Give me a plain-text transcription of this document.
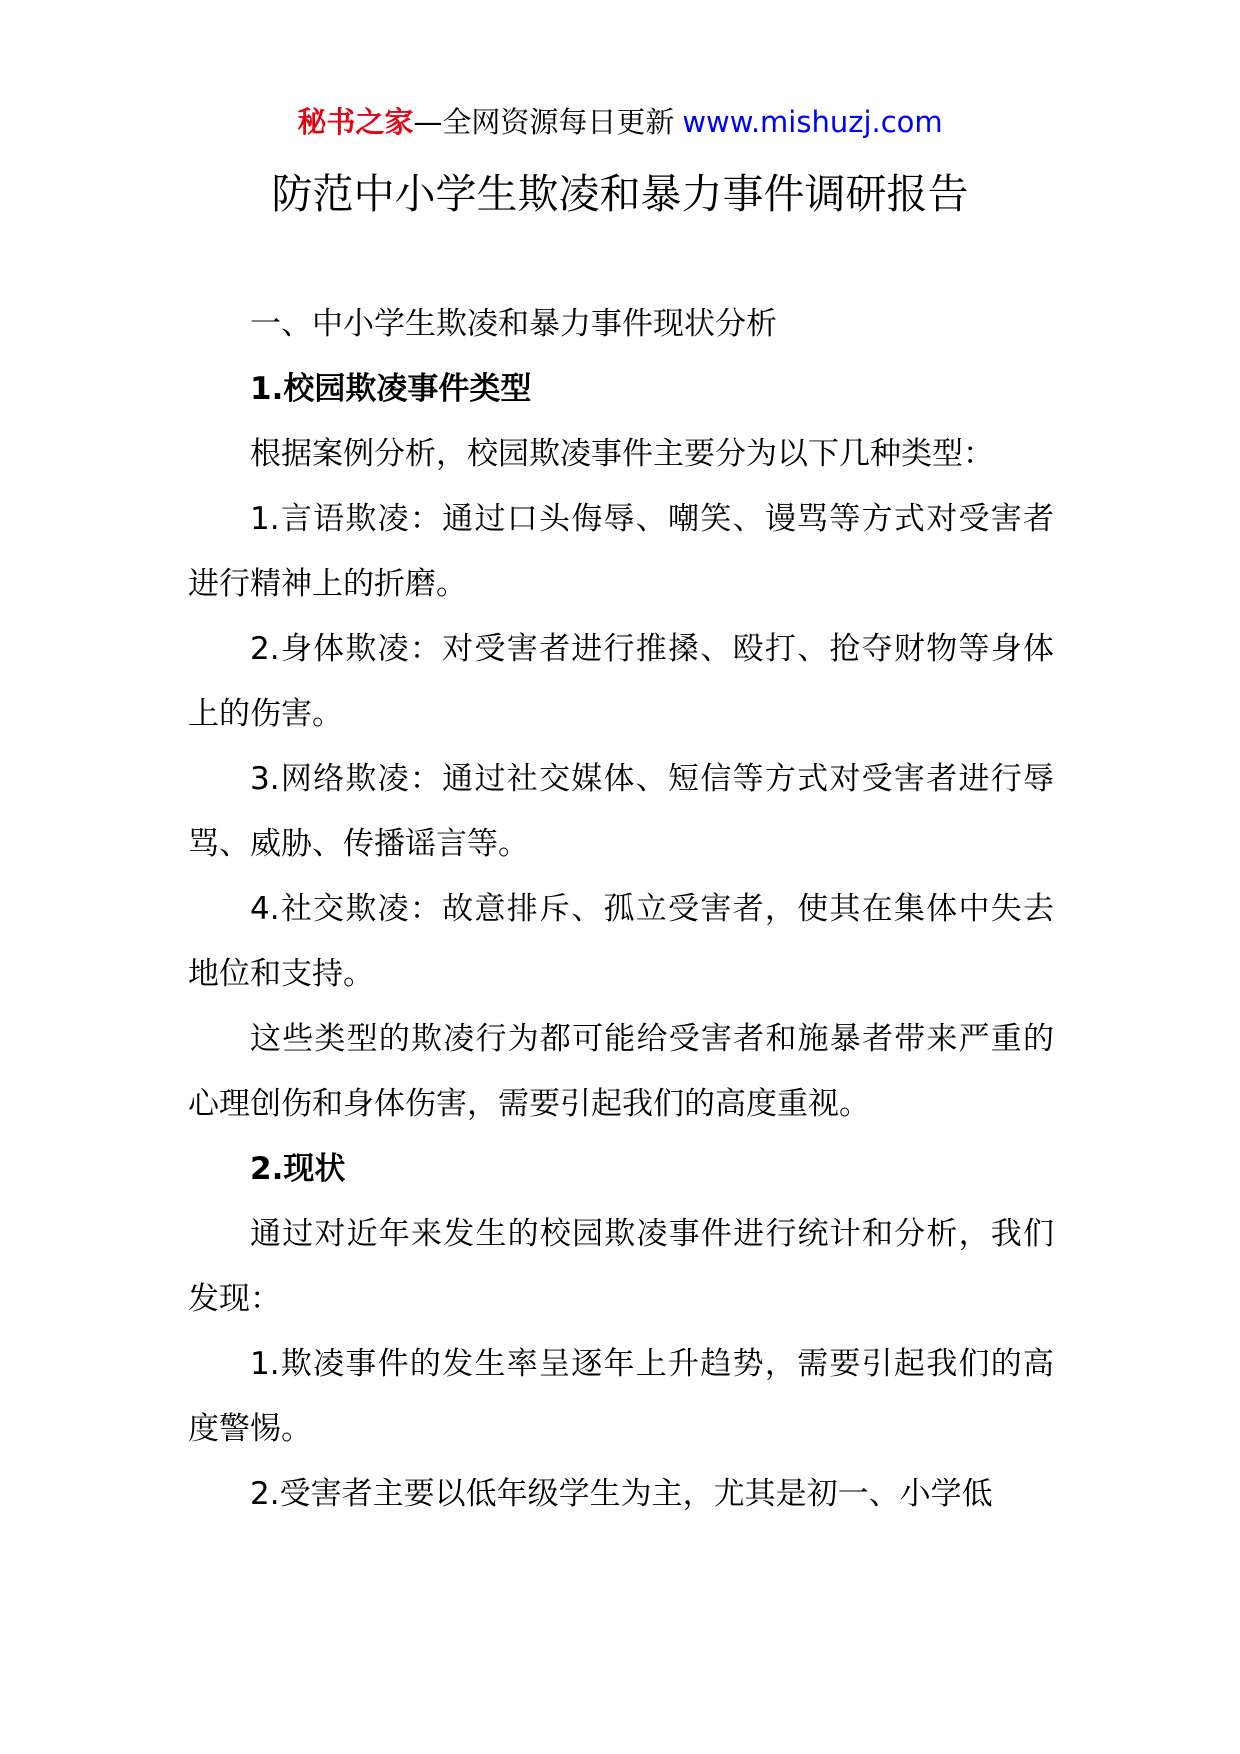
秘书之家—全网资源每日更新 www.mishuzj.com
防范中小学生欺凌和暴力事件调研报告

一、中小学生欺凌和暴力事件现状分析

1.校园欺凌事件类型

根据案例分析，校园欺凌事件主要分为以下几种类型：

1.言语欺凌：通过口头侮辱、嘲笑、谩骂等方式对受害者进行精神上的折磨。

2.身体欺凌：对受害者进行推搡、殴打、抢夺财物等身体上的伤害。

3.网络欺凌：通过社交媒体、短信等方式对受害者进行辱骂、威胁、传播谣言等。

4.社交欺凌：故意排斥、孤立受害者，使其在集体中失去地位和支持。

这些类型的欺凌行为都可能给受害者和施暴者带来严重的心理创伤和身体伤害，需要引起我们的高度重视。

2.现状

通过对近年来发生的校园欺凌事件进行统计和分析，我们发现：

1.欺凌事件的发生率呈逐年上升趋势，需要引起我们的高度警惕。

2.受害者主要以低年级学生为主，尤其是初一、小学低
